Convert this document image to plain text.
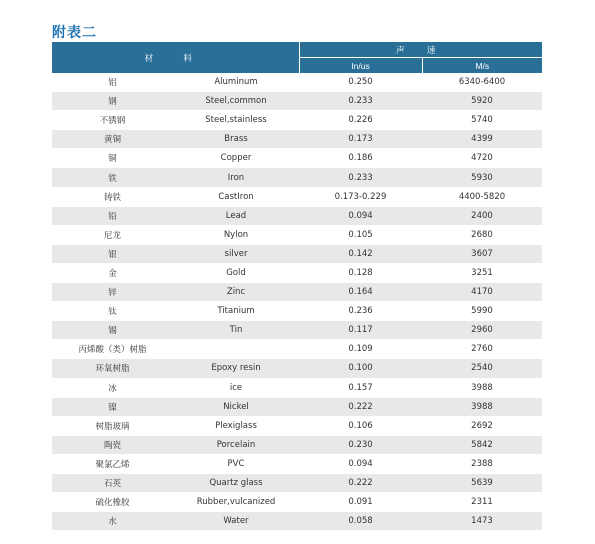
附表二
材 料		声 速	
		In/us	M/s
铝	Aluminum	0.250	6340-6400
钢	Steel,common	0.233	5920
不锈钢	Steel,stainless	0.226	5740
黄铜	Brass	0.173	4399
铜	Copper	0.186	4720
铁	Iron	0.233	5930
铸铁	CastIron	0.173-0.229	4400-5820
铅	Lead	0.094	2400
尼龙	Nylon	0.105	2680
银	silver	0.142	3607
金	Gold	0.128	3251
锌	Zinc	0.164	4170
钛	Titanium	0.236	5990
锡	Tin	0.117	2960
丙烯酸（类）树脂		0.109	2760
环氧树脂	Epoxy resin	0.100	2540
冰	ice	0.157	3988
镍	Nickel	0.222	3988
树脂玻璃	Plexiglass	0.106	2692
陶瓷	Porcelain	0.230	5842
聚氯乙烯	PVC	0.094	2388
石英	Quartz glass	0.222	5639
硫化橡胶	Rubber,vulcanized	0.091	2311
水	Water	0.058	1473
